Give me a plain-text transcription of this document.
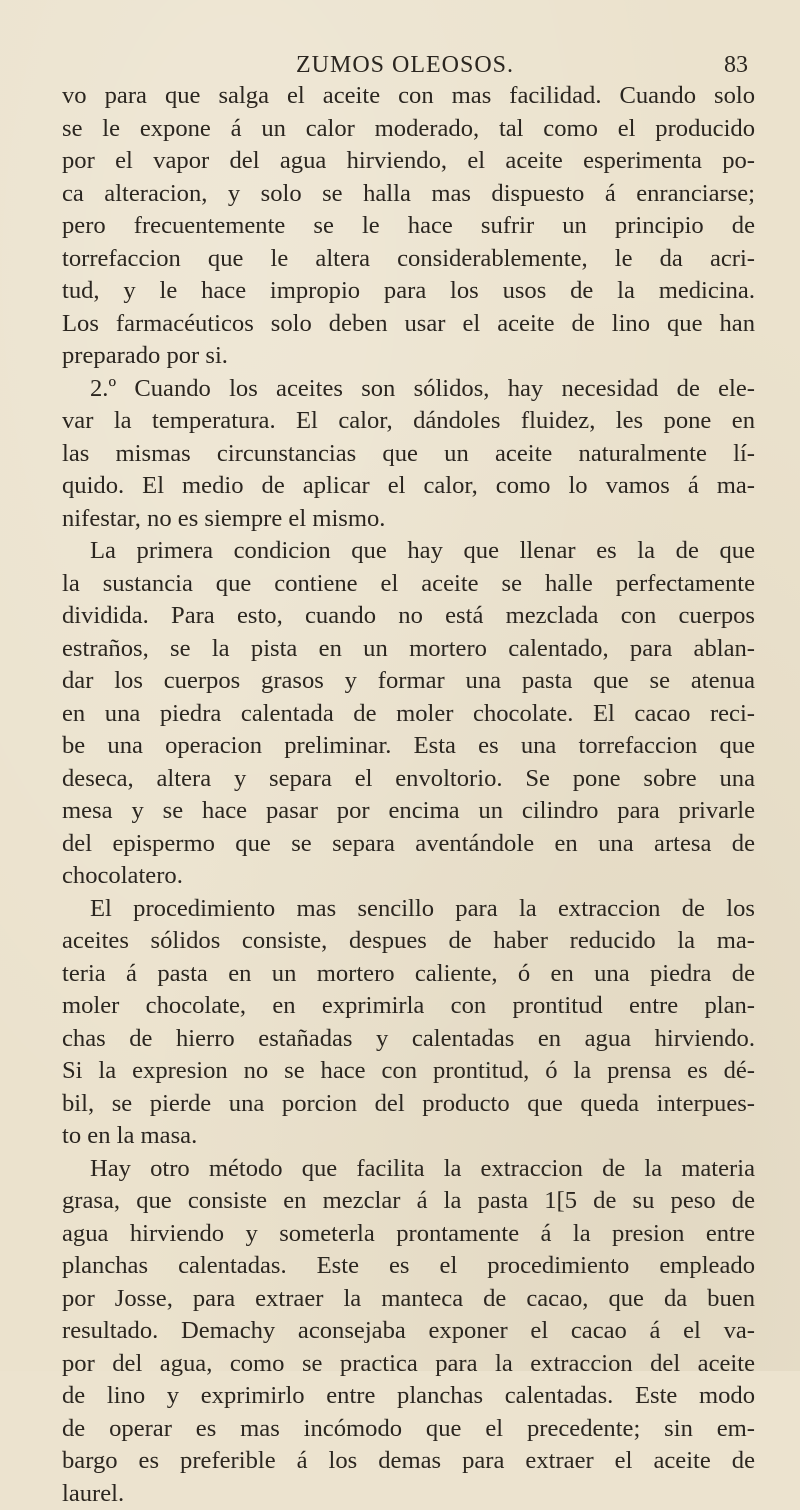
ZUMOS OLEOSOS.	83
vo para que salga el aceite con mas facilidad. Cuando solo
se le expone á un calor moderado, tal como el producido
por el vapor del agua hirviendo, el aceite esperimenta po-
ca alteracion, y solo se halla mas dispuesto á enranciarse;
pero frecuentemente se le hace sufrir un principio de
torrefaccion que le altera considerablemente, le da acri-
tud, y le hace impropio para los usos de la medicina.
Los farmacéuticos solo deben usar el aceite de lino que han
preparado por si.
2.º Cuando los aceites son sólidos, hay necesidad de ele-
var la temperatura. El calor, dándoles fluidez, les pone en
las mismas circunstancias que un aceite naturalmente lí-
quido. El medio de aplicar el calor, como lo vamos á ma-
nifestar, no es siempre el mismo.
La primera condicion que hay que llenar es la de que
la sustancia que contiene el aceite se halle perfectamente
dividida. Para esto, cuando no está mezclada con cuerpos
estraños, se la pista en un mortero calentado, para ablan-
dar los cuerpos grasos y formar una pasta que se atenua
en una piedra calentada de moler chocolate. El cacao reci-
be una operacion preliminar. Esta es una torrefaccion que
deseca, altera y separa el envoltorio. Se pone sobre una
mesa y se hace pasar por encima un cilindro para privarle
del epispermo que se separa aventándole en una artesa de
chocolatero.
El procedimiento mas sencillo para la extraccion de los
aceites sólidos consiste, despues de haber reducido la ma-
teria á pasta en un mortero caliente, ó en una piedra de
moler chocolate, en exprimirla con prontitud entre plan-
chas de hierro estañadas y calentadas en agua hirviendo.
Si la expresion no se hace con prontitud, ó la prensa es dé-
bil, se pierde una porcion del producto que queda interpues-
to en la masa.
Hay otro método que facilita la extraccion de la materia
grasa, que consiste en mezclar á la pasta 1[5 de su peso de
agua hirviendo y someterla prontamente á la presion entre
planchas calentadas. Este es el procedimiento empleado
por Josse, para extraer la manteca de cacao, que da buen
resultado. Demachy aconsejaba exponer el cacao á el va-
por del agua, como se practica para la extraccion del aceite
de lino y exprimirlo entre planchas calentadas. Este modo
de operar es mas incómodo que el precedente; sin em-
bargo es preferible á los demas para extraer el aceite de
laurel.
